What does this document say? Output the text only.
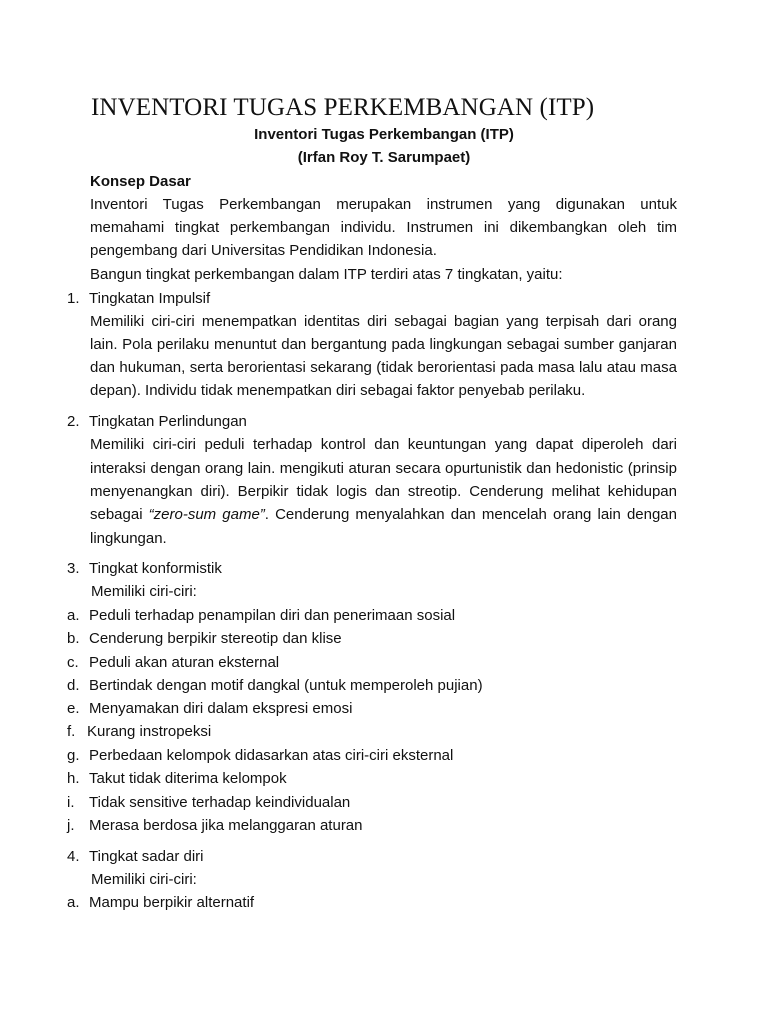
INVENTORI TUGAS PERKEMBANGAN (ITP)
Inventori Tugas Perkembangan (ITP)
(Irfan Roy T. Sarumpaet)
Konsep Dasar
Inventori Tugas Perkembangan merupakan instrumen yang digunakan untuk
memahami tingkat perkembangan individu. Instrumen ini dikembangkan oleh tim
pengembang dari Universitas Pendidikan Indonesia.
Bangun tingkat perkembangan dalam ITP terdiri atas 7 tingkatan, yaitu:
1. Tingkatan Impulsif
Memiliki ciri-ciri menempatkan identitas diri sebagai bagian yang terpisah dari orang
lain. Pola perilaku menuntut dan bergantung pada lingkungan sebagai sumber ganjaran
dan hukuman, serta berorientasi sekarang (tidak berorientasi pada masa lalu atau masa
depan). Individu tidak menempatkan diri sebagai faktor penyebab perilaku.
2. Tingkatan Perlindungan
Memiliki ciri-ciri peduli terhadap kontrol dan keuntungan yang dapat diperoleh dari
interaksi dengan orang lain. mengikuti aturan secara opurtunistik dan hedonistic (prinsip
menyenangkan diri). Berpikir tidak logis dan streotip. Cenderung melihat kehidupan
sebagai “zero-sum game”. Cenderung menyalahkan dan mencelah orang lain dengan
lingkungan.
3. Tingkat konformistik
Memiliki ciri-ciri:
a. Peduli terhadap penampilan diri dan penerimaan sosial
b. Cenderung berpikir stereotip dan klise
c. Peduli akan aturan eksternal
d. Bertindak dengan motif dangkal (untuk memperoleh pujian)
e. Menyamakan diri dalam ekspresi emosi
f. Kurang instropeksi
g. Perbedaan kelompok didasarkan atas ciri-ciri eksternal
h. Takut tidak diterima kelompok
i. Tidak sensitive terhadap keindividualan
j. Merasa berdosa jika melanggaran aturan
4. Tingkat sadar diri
Memiliki ciri-ciri:
a. Mampu berpikir alternatif
